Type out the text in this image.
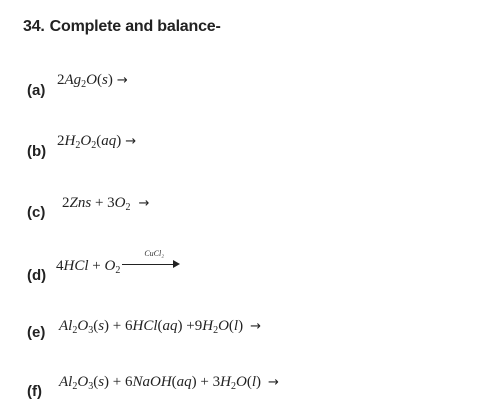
34. Complete and balance-
(a)
$2Ag_2O(s)$ →
(b)
$2H_2O_2(aq)$ →
(c)
$2Zns + 3O_2$ →
(d)
$4HCl + O_2$
CuCl₂
(e) $Al_2O_3(s) + 6HCl(aq) +9H_2O(l)$ →
(f)
$Al_2O_3(s)$ + 6NaOH(aq) + $3H_2O(l)$ →
